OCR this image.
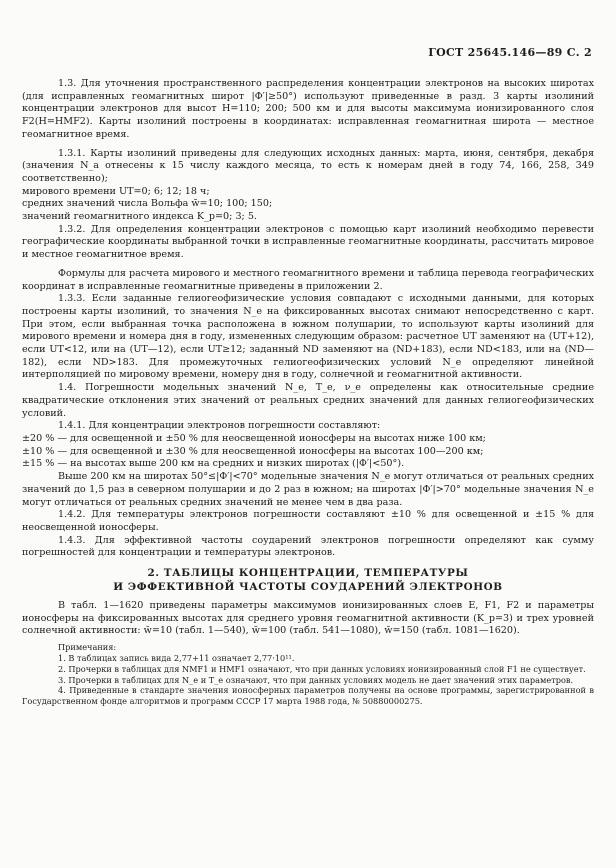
ГОСТ 25645.146—89 С. 2

1.3. Для уточнения пространственного распределения концентрации электронов на высоких широтах (для исправленных геомагнитных широт |Φ′|≥50°) используют приведенные в разд. 3 карты изолиний концентрации электронов для высот H=110; 200; 500 км и для высоты максимума ионизированного слоя F2(H=HMF2). Карты изолиний построены в координатах: исправленная геомагнитная широта — местное геомагнитное время.

1.3.1. Карты изолиний приведены для следующих исходных данных: марта, июня, сентября, декабря (значения N_a отнесены к 15 числу каждого месяца, то есть к номерам дней в году 74, 166, 258, 349 соответственно);

мирового времени UT=0; 6; 12; 18 ч;

средних значений числа Вольфа w̄=10; 100; 150;

значений геомагнитного индекса K_p=0; 3; 5.

1.3.2. Для определения концентрации электронов с помощью карт изолиний необходимо перевести географические координаты выбранной точки в исправленные геомагнитные координаты, рассчитать мировое и местное геомагнитное время.

Формулы для расчета мирового и местного геомагнитного времени и таблица перевода географических координат в исправленные геомагнитные приведены в приложении 2.

1.3.3. Если заданные гелиогеофизические условия совпадают с исходными данными, для которых построены карты изолиний, то значения N_e на фиксированных высотах снимают непосредственно с карт. При этом, если выбранная точка расположена в южном полушарии, то используют карты изолиний для мирового времени и номера дня в году, измененных следующим образом: расчетное UT заменяют на (UT+12), если UT<12, или на (UT—12), если UT≥12; заданный ND заменяют на (ND+183), если ND<183, или на (ND—182), если ND>183. Для промежуточных гелиогеофизических условий N_e определяют линейной интерполяцией по мировому времени, номеру дня в году, солнечной и геомагнитной активности.

1.4. Погрешности модельных значений N_e, T_e, ν_e определены как относительные средние квадратические отклонения этих значений от реальных средних значений для данных гелиогеофизических условий.

1.4.1. Для концентрации электронов погрешности составляют:

±20 % — для освещенной и ±50 % для неосвещенной ионосферы на высотах ниже 100 км;

±10 % — для освещенной и ±30 % для неосвещенной ионосферы на высотах 100—200 км;

±15 % — на высотах выше 200 км на средних и низких широтах (|Φ′|<50°).

Выше 200 км на широтах 50°≤|Φ′|<70° модельные значения N_e могут отличаться от реальных средних значений до 1,5 раз в северном полушарии и до 2 раз в южном; на широтах |Φ′|>70° модельные значения N_e могут отличаться от реальных средних значений не менее чем в два раза.

1.4.2. Для температуры электронов погрешности составляют ±10 % для освещенной и ±15 % для неосвещенной ионосферы.

1.4.3. Для эффективной частоты соударений электронов погрешности определяют как сумму погрешностей для концентрации и температуры электронов.

2. ТАБЛИЦЫ КОНЦЕНТРАЦИИ, ТЕМПЕРАТУРЫ
И ЭФФЕКТИВНОЙ ЧАСТОТЫ СОУДАРЕНИЙ ЭЛЕКТРОНОВ

В табл. 1—1620 приведены параметры максимумов ионизированных слоев E, F1, F2 и параметры ионосферы на фиксированных высотах для среднего уровня геомагнитной активности (K_p=3) и трех уровней солнечной активности: w̄=10 (табл. 1—540), w̄=100 (табл. 541—1080), w̄=150 (табл. 1081—1620).

Примечания:

1. В таблицах запись вида 2,77+11 означает 2,77·10¹¹.

2. Прочерки в таблицах для NMF1 и HMF1 означают, что при данных условиях ионизированный слой F1 не существует.

3. Прочерки в таблицах для N_e и T_e означают, что при данных условиях модель не дает значений этих параметров.

4. Приведенные в стандарте значения ионосферных параметров получены на основе программы, зарегистрированной в Государственном фонде алгоритмов и программ СССР 17 марта 1988 года, № 50880000275.
